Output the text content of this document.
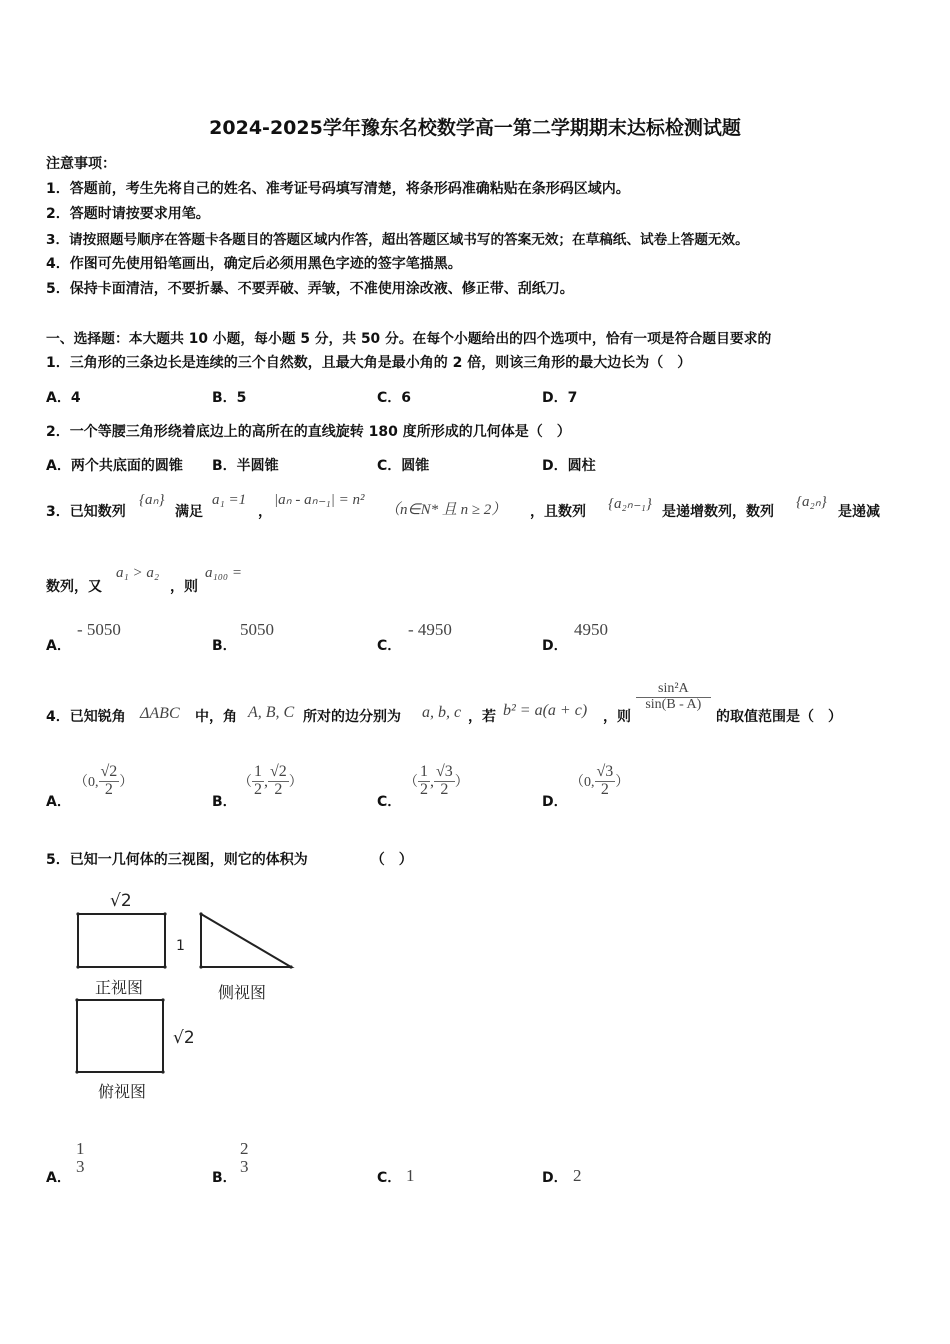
2024-2025学年豫东名校数学高一第二学期期末达标检测试题
注意事项：
1．答题前，考生先将自己的姓名、准考证号码填写清楚，将条形码准确粘贴在条形码区域内。
2．答题时请按要求用笔。
3．请按照题号顺序在答题卡各题目的答题区域内作答，超出答题区域书写的答案无效；在草稿纸、试卷上答题无效。
4．作图可先使用铅笔画出，确定后必须用黑色字迹的签字笔描黑。
5．保持卡面清洁，不要折暴、不要弄破、弄皱，不准使用涂改液、修正带、刮纸刀。
一、选择题：本大题共 10 小题，每小题 5 分，共 50 分。在每个小题给出的四个选项中，恰有一项是符合题目要求的
1．三角形的三条边长是连续的三个自然数，且最大角是最小角的 2 倍，则该三角形的最大边长为（　）
A．4	B．5	C．6	D．7
2．一个等腰三角形绕着底边上的高所在的直线旋转 180 度所形成的几何体是（　）
A．两个共底面的圆锥 B．半圆锥	C．圆锥	D．圆柱
3．已知数列
{aₙ}
满足
a₁ =1
，
|aₙ - aₙ₋₁| = n²
（n∈N* 且 n ≥ 2） ，且数列 {a₂ₙ₋₁} 是递增数列，数列
{a₂ₙ}
是递减
数列，又
a₁ > a₂
，则
a₁₀₀ =
A．
- 5050
B．
5050
C．
- 4950
D．
4950
4．已知锐角 ΔABC 中，角 A, B, C 所对的边分别为 a, b, c ，若 b² = a(a + c) ，则
$\frac{\text{sin²A}}{\sin(B - A)}$
的取值范围是（　）
A．
（0, $\frac{√2}{2}$ ）
B．
（ $\frac{1}{2}$ , $\frac{√2}{2}$ ）
C．
（ $\frac{1}{2}$ , $\frac{√3}{2}$ ）
D．
（0, $\frac{√3}{2}$ ）
5．已知一几何体的三视图，则它的体积为　　　　　（　）
√2
1
正视图	侧视图
√2
俯视图
A．
1
3
B．
2
3
C． 1	D． 2
